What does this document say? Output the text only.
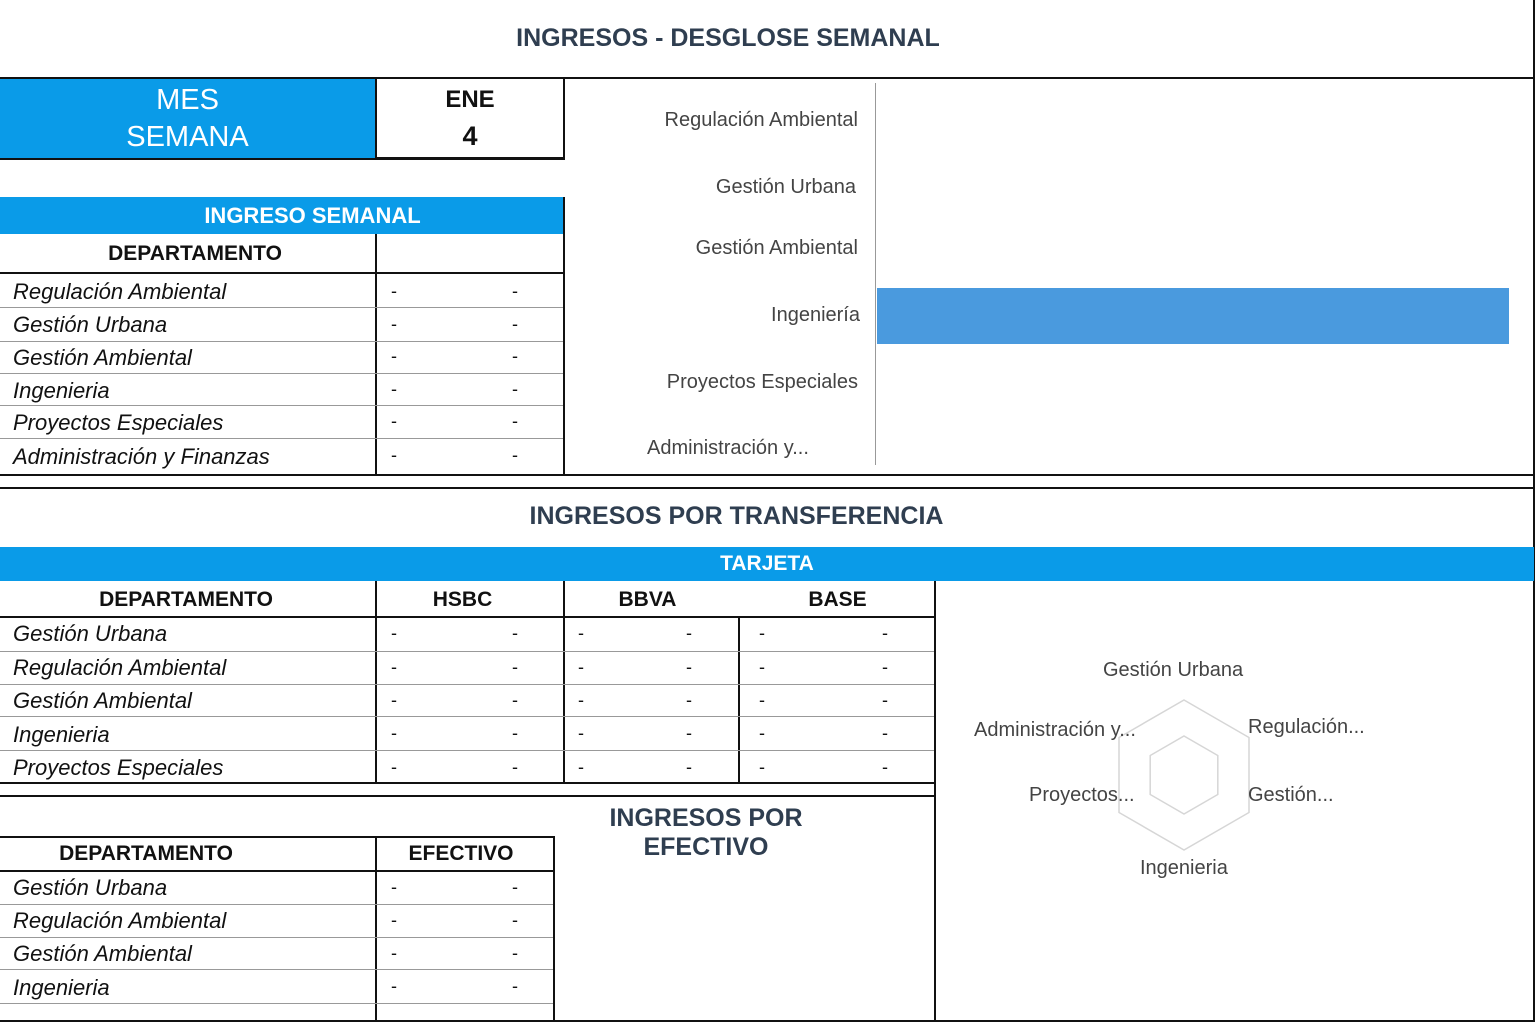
INGRESOS - DESGLOSE SEMANAL
MES
SEMANA
ENE
4
INGRESO SEMANAL
DEPARTAMENTO
Regulación Ambiental	-	-
Gestión Urbana	-	-
Gestión Ambiental	-	-
Ingenieria	-	-
Proyectos Especiales	-	-
Administración y Finanzas	-	-
Regulación Ambiental
Gestión Urbana
Gestión Ambiental
Ingeniería
Proyectos Especiales
Administración y...
INGRESOS POR TRANSFERENCIA
TARJETA
DEPARTAMENTO	HSBC	BBVA	BASE
Gestión Urbana	-	-	-	-	-	-
Regulación Ambiental	-	-	-	-	-	-
Gestión Ambiental	-	-	-	-	-	-
Ingenieria	-	-	-	-	-	-
Proyectos Especiales	-	-	-	-	-	-
Gestión Urbana
Regulación...
Gestión...
Ingenieria
Proyectos...
Administración y...
INGRESOS POR EFECTIVO
DEPARTAMENTO	EFECTIVO
Gestión Urbana	-	-
Regulación Ambiental	-	-
Gestión Ambiental	-	-
Ingenieria	-	-
